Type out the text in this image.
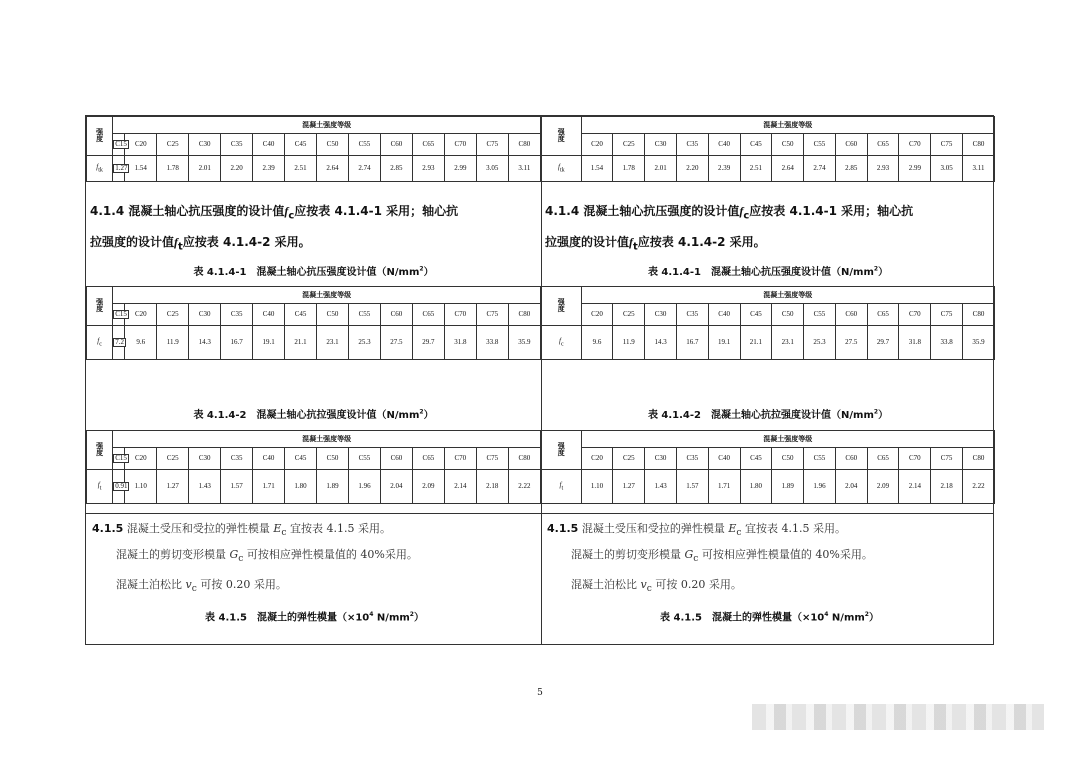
强
度	混凝土强度等级													
	C15	C20	C25	C30	C35	C40	C45	C50	C55	C60	C65	C70	C75	C80
$f_{tk}$	1.27	1.54	1.78	2.01	2.20	2.39	2.51	2.64	2.74	2.85	2.93	2.99	3.05	3.11
4.1.4 混凝土轴心抗压强度的设计值$f_c$应按表 4.1.4-1 采用；轴心抗
拉强度的设计值$f_t$应按表 4.1.4-2 采用。
表 4.1.4-1　混凝土轴心抗压强度设计值$(N/mm^2)$
强
度	混凝土强度等级													
	C15	C20	C25	C30	C35	C40	C45	C50	C55	C60	C65	C70	C75	C80
$f_c$	7.2	9.6	11.9	14.3	16.7	19.1	21.1	23.1	25.3	27.5	29.7	31.8	33.8	35.9
表 4.1.4-2　混凝土轴心抗拉强度设计值$(N/mm^2)$
强
度	混凝土强度等级													
	C15	C20	C25	C30	C35	C40	C45	C50	C55	C60	C65	C70	C75	C80
$f_t$	0.91	1.10	1.27	1.43	1.57	1.71	1.80	1.89	1.96	2.04	2.09	2.14	2.18	2.22
强
度	混凝土强度等级												
	C20	C25	C30	C35	C40	C45	C50	C55	C60	C65	C70	C75	C80
$f_{tk}$	1.54	1.78	2.01	2.20	2.39	2.51	2.64	2.74	2.85	2.93	2.99	3.05	3.11
4.1.4 混凝土轴心抗压强度的设计值$f_c$应按表 4.1.4-1 采用；轴心抗
拉强度的设计值$f_t$应按表 4.1.4-2 采用。
表 4.1.4-1　混凝土轴心抗压强度设计值$(N/mm^2)$
强
度	混凝土强度等级												
	C20	C25	C30	C35	C40	C45	C50	C55	C60	C65	C70	C75	C80
$f_c$	9.6	11.9	14.3	16.7	19.1	21.1	23.1	25.3	27.5	29.7	31.8	33.8	35.9
表 4.1.4-2　混凝土轴心抗拉强度设计值$(N/mm^2)$
强
度	混凝土强度等级												
	C20	C25	C30	C35	C40	C45	C50	C55	C60	C65	C70	C75	C80
$f_t$	1.10	1.27	1.43	1.57	1.71	1.80	1.89	1.96	2.04	2.09	2.14	2.18	2.22
4.1.5 混凝土受压和受拉的弹性模量 $E_c$ 宜按表 4.1.5 采用。
混凝土的剪切变形模量 $G_c$ 可按相应弹性模量值的 40%采用。
混凝土泊松比 $v_c$ 可按 0.20 采用。
表 4.1.5　混凝土的弹性模量（$\times 10^4$ $N/mm^2$）
4.1.5 混凝土受压和受拉的弹性模量 $E_c$ 宜按表 4.1.5 采用。
混凝土的剪切变形模量 $G_c$ 可按相应弹性模量值的 40%采用。
混凝土泊松比 $v_c$ 可按 0.20 采用。
表 4.1.5　混凝土的弹性模量（$\times 10^4$ $N/mm^2$）
5
